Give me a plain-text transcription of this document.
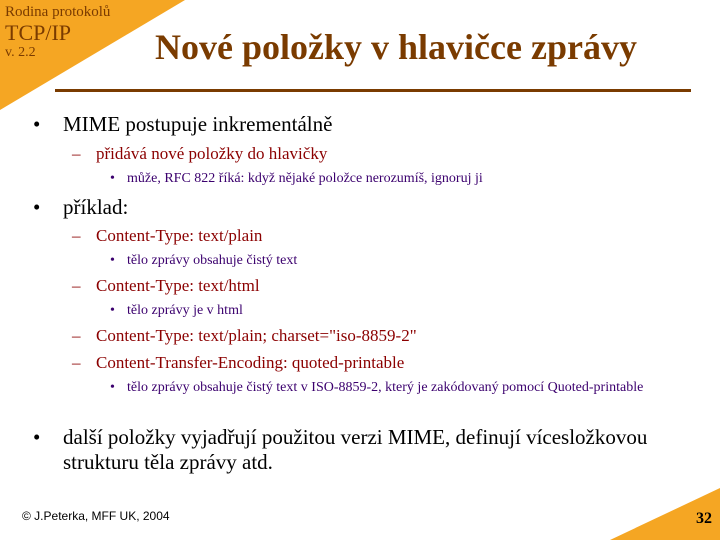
Rodina protokolů
TCP/IP
v. 2.2	Nové položky v hlavičce zprávy
• MIME postupuje inkrementálně
– přidává nové položky do hlavičky
• může, RFC 822 říká: když nějaké položce nerozumíš, ignoruj ji
• příklad:
– Content-Type: text/plain
• tělo zprávy obsahuje čistý text
– Content-Type: text/html
• tělo zprávy je v html
– Content-Type: text/plain; charset="iso-8859-2"
– Content-Transfer-Encoding: quoted-printable
• tělo zprávy obsahuje čistý text v ISO-8859-2, který je zakódovaný pomocí Quoted-printable
• další položky vyjadřují použitou verzi MIME, definují vícesložkovou strukturu těla zprávy atd.
© J.Peterka, MFF UK, 2004	32
